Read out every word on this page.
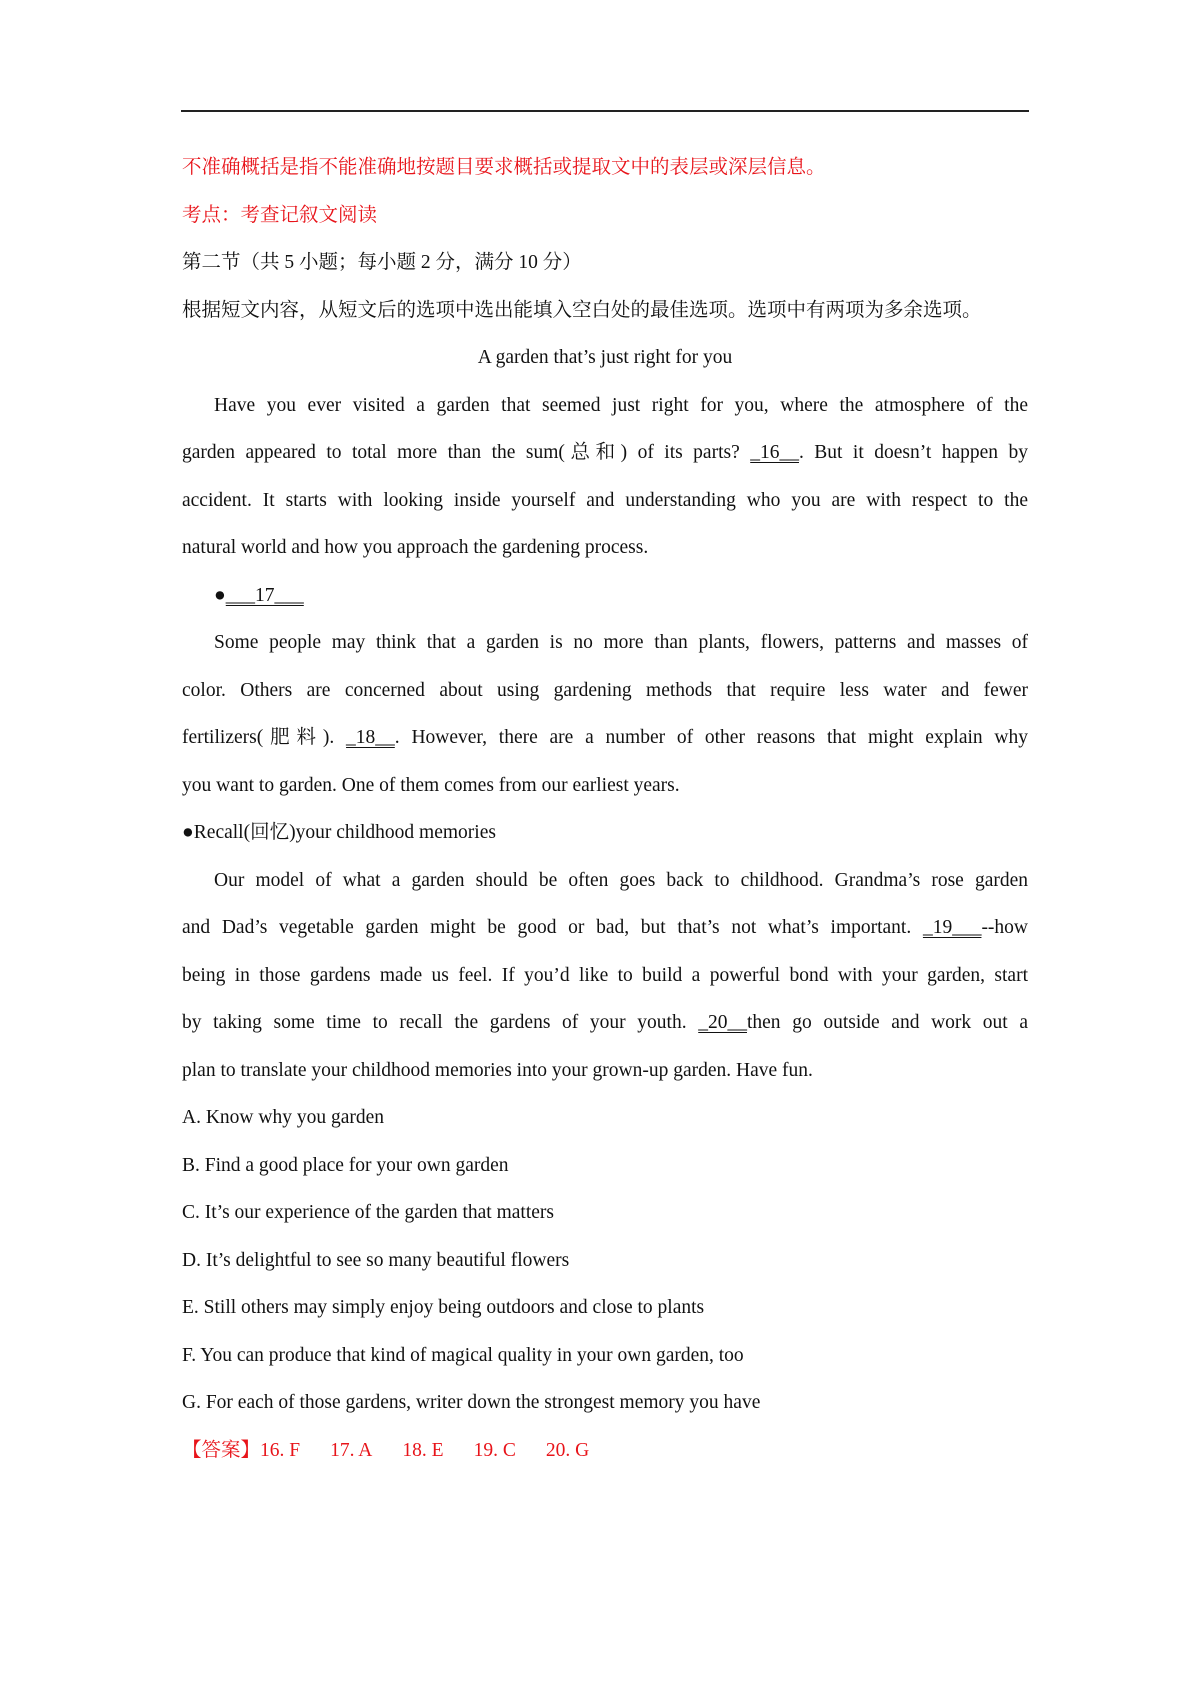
不准确概括是指不能准确地按题目要求概括或提取文中的表层或深层信息。
考点：考查记叙文阅读
第二节（共 5 小题；每小题 2 分，满分 10 分）
根据短文内容，从短文后的选项中选出能填入空白处的最佳选项。选项中有两项为多余选项。
A garden that’s just right for you
Have you ever visited a garden that seemed just right for you, where the atmosphere of the
garden appeared to total more than the sum(总和) of its parts? _16__. But it doesn’t happen by
accident. It starts with looking inside yourself and understanding who you are with respect to the
natural world and how you approach the gardening process.
●___17___
Some people may think that a garden is no more than plants, flowers, patterns and masses of
color. Others are concerned about using gardening methods that require less water and fewer
fertilizers(肥料). _18__. However, there are a number of other reasons that might explain why
you want to garden. One of them comes from our earliest years.
●Recall(回忆)your childhood memories
Our model of what a garden should be often goes back to childhood. Grandma’s rose garden
and Dad’s vegetable garden might be good or bad, but that’s not what’s important. _19___--how
being in those gardens made us feel. If you’d like to build a powerful bond with your garden, start
by taking some time to recall the gardens of your youth. _20__then go outside and work out a
plan to translate your childhood memories into your grown-up garden. Have fun.
A. Know why you garden
B. Find a good place for your own garden
C. It’s our experience of the garden that matters
D. It’s delightful to see so many beautiful flowers
E. Still others may simply enjoy being outdoors and close to plants
F. You can produce that kind of magical quality in your own garden, too
G. For each of those gardens, writer down the strongest memory you have
【答案】16. F 17. A 18. E 19. C 20. G
